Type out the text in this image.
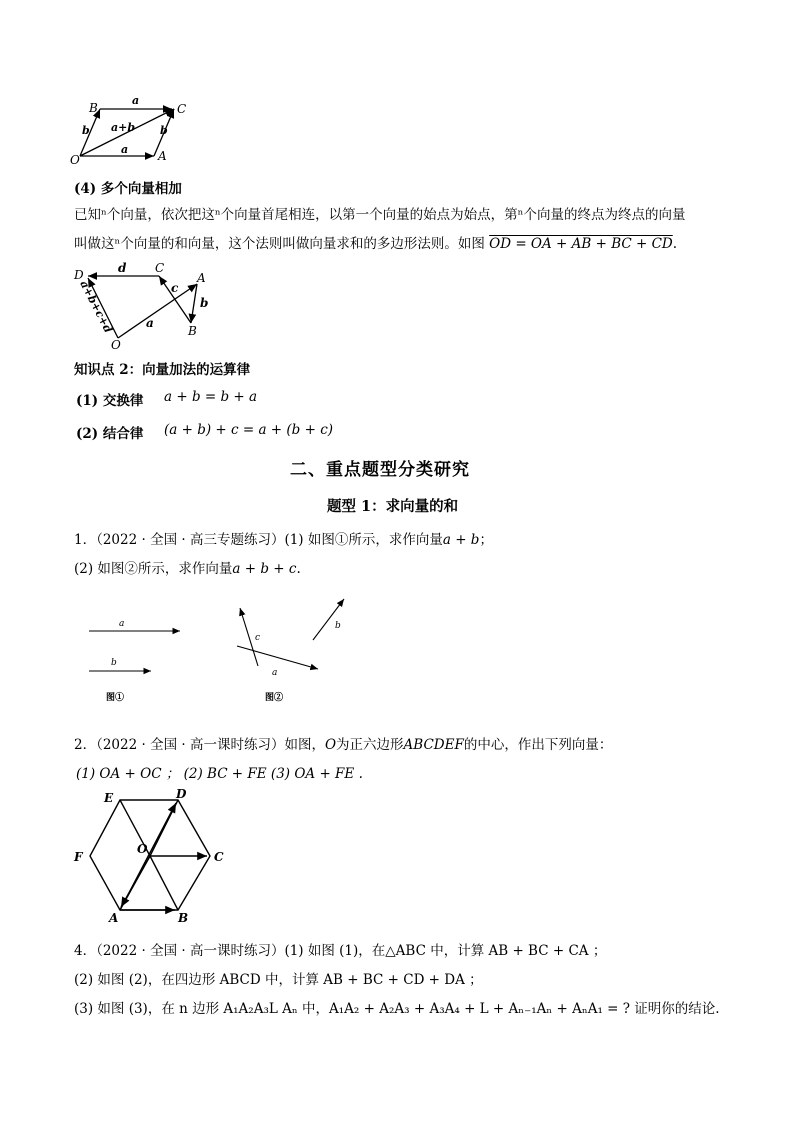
B	C
O	A
a
b	b
a
a+b
(4) 多个向量相加
已知ⁿ个向量，依次把这ⁿ个向量首尾相连，以第一个向量的始点为始点，第ⁿ个向量的终点为终点的向量
叫做这ⁿ个向量的和向量，这个法则叫做向量求和的多边形法则。如图 OD = OA + AB + BC + CD.
D	C
A
B
O
d
c
b
a
a+b+c+d
知识点 2：向量加法的运算律
(1) 交换律 a + b = b + a
(2) 结合律 (a + b) + c = a + (b + c)
二、重点题型分类研究
题型 1：求向量的和
1．（2022 · 全国 · 高三专题练习）(1) 如图①所示，求作向量a + b；
(2) 如图②所示，求作向量a + b + c.
a
b
图①
a
b
c
图②
2．（2022 · 全国 · 高一课时练习）如图，O为正六边形ABCDEF的中心，作出下列向量：
(1) OA + OC ； (2) BC + FE (3) OA + FE .
E	D
F
O
C
A	B
4．（2022 · 全国 · 高一课时练习）(1) 如图 (1)，在△ABC 中，计算 AB + BC + CA ；
(2) 如图 (2)，在四边形 ABCD 中，计算 AB + BC + CD + DA ；
(3) 如图 (3)，在 n 边形 A₁A₂A₃L Aₙ 中，A₁A₂ + A₂A₃ + A₃A₄ + L + Aₙ₋₁Aₙ + AₙA₁ = ? 证明你的结论.
